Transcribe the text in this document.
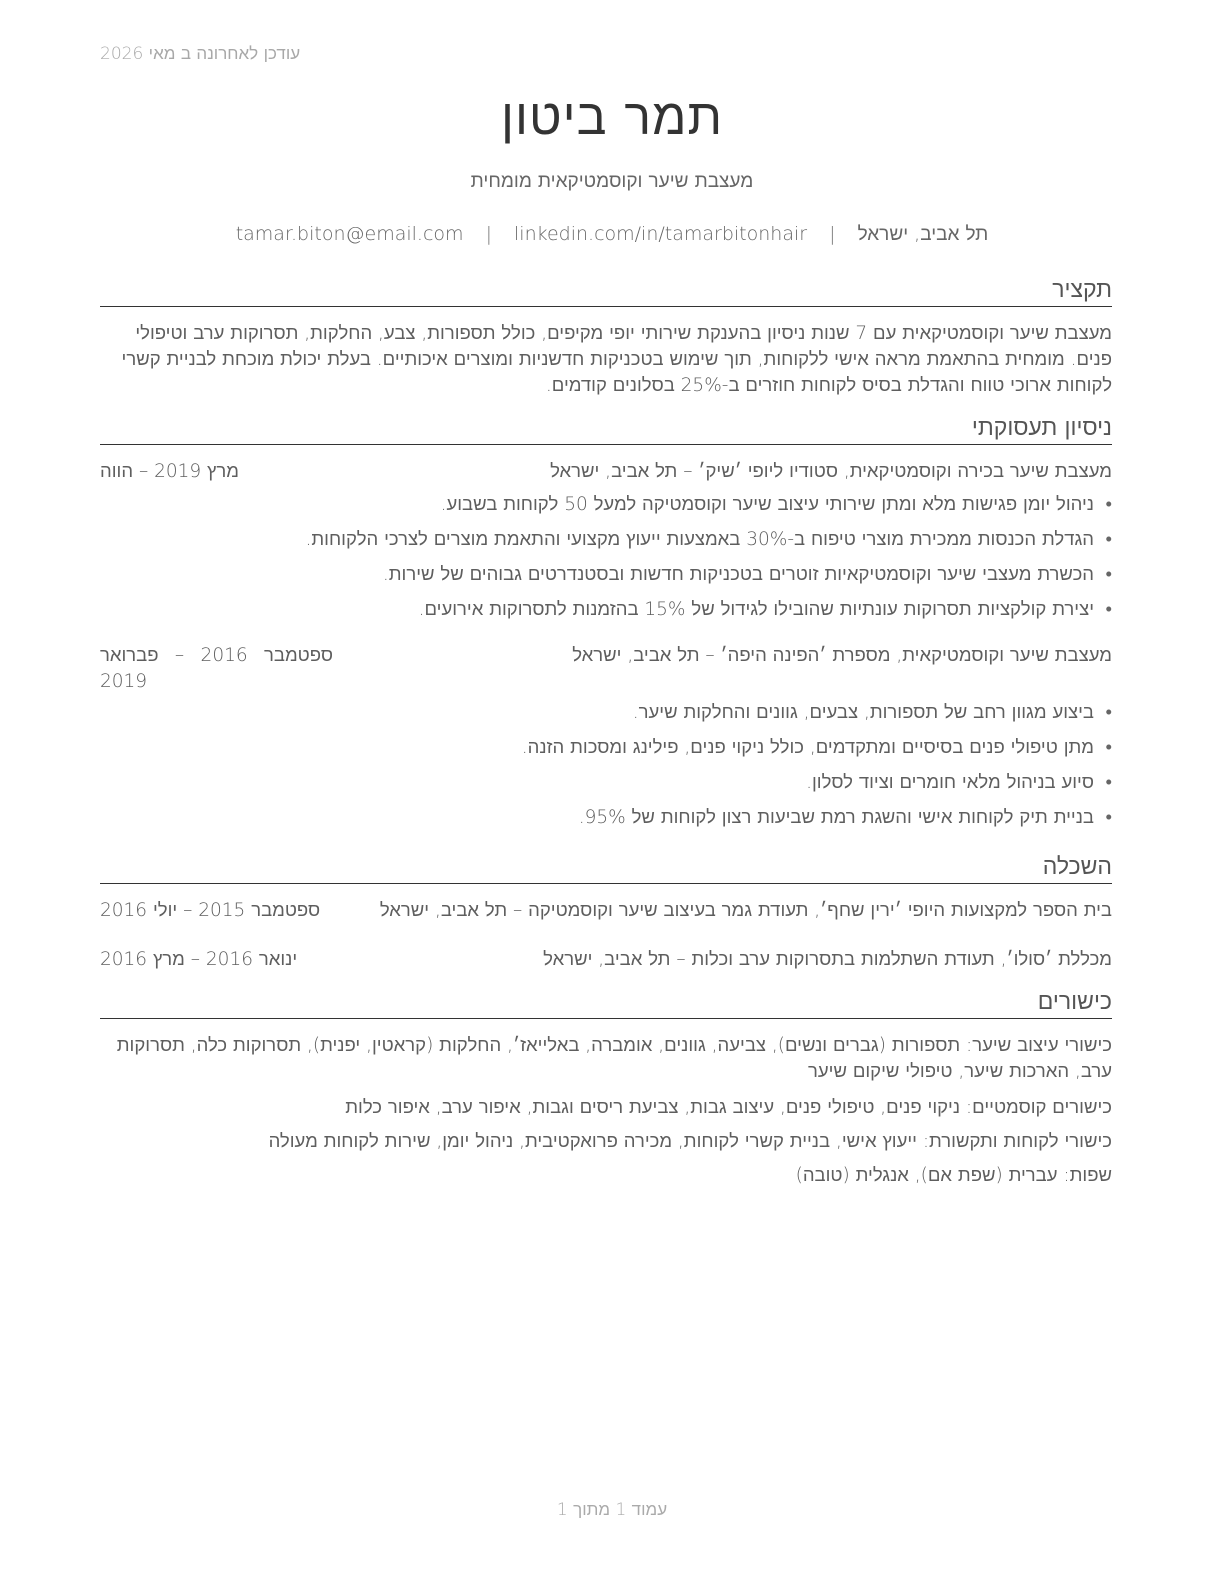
עודכן לאחרונה ב מאי 2026
תמר ביטון
מעצבת שיער וקוסמטיקאית מומחית
תל אביב, ישראל | tamar.biton@email.com | linkedin.com/in/tamarbitonhair
תקציר
מעצבת שיער וקוסמטיקאית עם 7 שנות ניסיון בהענקת שירותי יופי מקיפים, כולל תספורות, צבע, החלקות, תסרוקות ערב וטיפולי פנים. מומחית בהתאמת מראה אישי ללקוחות, תוך שימוש בטכניקות חדשניות ומוצרים איכותיים. בעלת יכולת מוכחת לבניית קשרי לקוחות ארוכי טווח והגדלת בסיס לקוחות חוזרים ב-25% בסלונים קודמים.
ניסיון תעסוקתי
מעצבת שיער בכירה וקוסמטיקאית, סטודיו ליופי ׳שיק׳ – תל אביב, ישראל
מרץ 2019 – הווה
• ניהול יומן פגישות מלא ומתן שירותי עיצוב שיער וקוסמטיקה למעל 50 לקוחות בשבוע.
• הגדלת הכנסות ממכירת מוצרי טיפוח ב-30% באמצעות ייעוץ מקצועי והתאמת מוצרים לצרכי הלקוחות.
• הכשרת מעצבי שיער וקוסמטיקאיות זוטרים בטכניקות חדשות ובסטנדרטים גבוהים של שירות.
• יצירת קולקציות תסרוקות עונתיות שהובילו לגידול של 15% בהזמנות לתסרוקות אירועים.
מעצבת שיער וקוסמטיקאית, מספרת ׳הפינה היפה׳ – תל אביב, ישראל
ספטמבר 2016 – פברואר 2019
• ביצוע מגוון רחב של תספורות, צבעים, גוונים והחלקות שיער.
• מתן טיפולי פנים בסיסיים ומתקדמים, כולל ניקוי פנים, פילינג ומסכות הזנה.
• סיוע בניהול מלאי חומרים וציוד לסלון.
• בניית תיק לקוחות אישי והשגת רמת שביעות רצון לקוחות של 95%.
השכלה
בית הספר למקצועות היופי ׳ירין שחף׳, תעודת גמר בעיצוב שיער וקוסמטיקה – תל אביב, ישראל
ספטמבר 2015 – יולי 2016
מכללת ׳סולו׳, תעודת השתלמות בתסרוקות ערב וכלות – תל אביב, ישראל
ינואר 2016 – מרץ 2016
כישורים
כישורי עיצוב שיער: תספורות (גברים ונשים), צביעה, גוונים, אומברה, באלייאז׳, החלקות (קראטין, יפנית), תסרוקות כלה, תסרוקות ערב, הארכות שיער, טיפולי שיקום שיער
כישורים קוסמטיים: ניקוי פנים, טיפולי פנים, עיצוב גבות, צביעת ריסים וגבות, איפור ערב, איפור כלות
כישורי לקוחות ותקשורת: ייעוץ אישי, בניית קשרי לקוחות, מכירה פרואקטיבית, ניהול יומן, שירות לקוחות מעולה
שפות: עברית (שפת אם), אנגלית (טובה)
עמוד 1 מתוך 1
